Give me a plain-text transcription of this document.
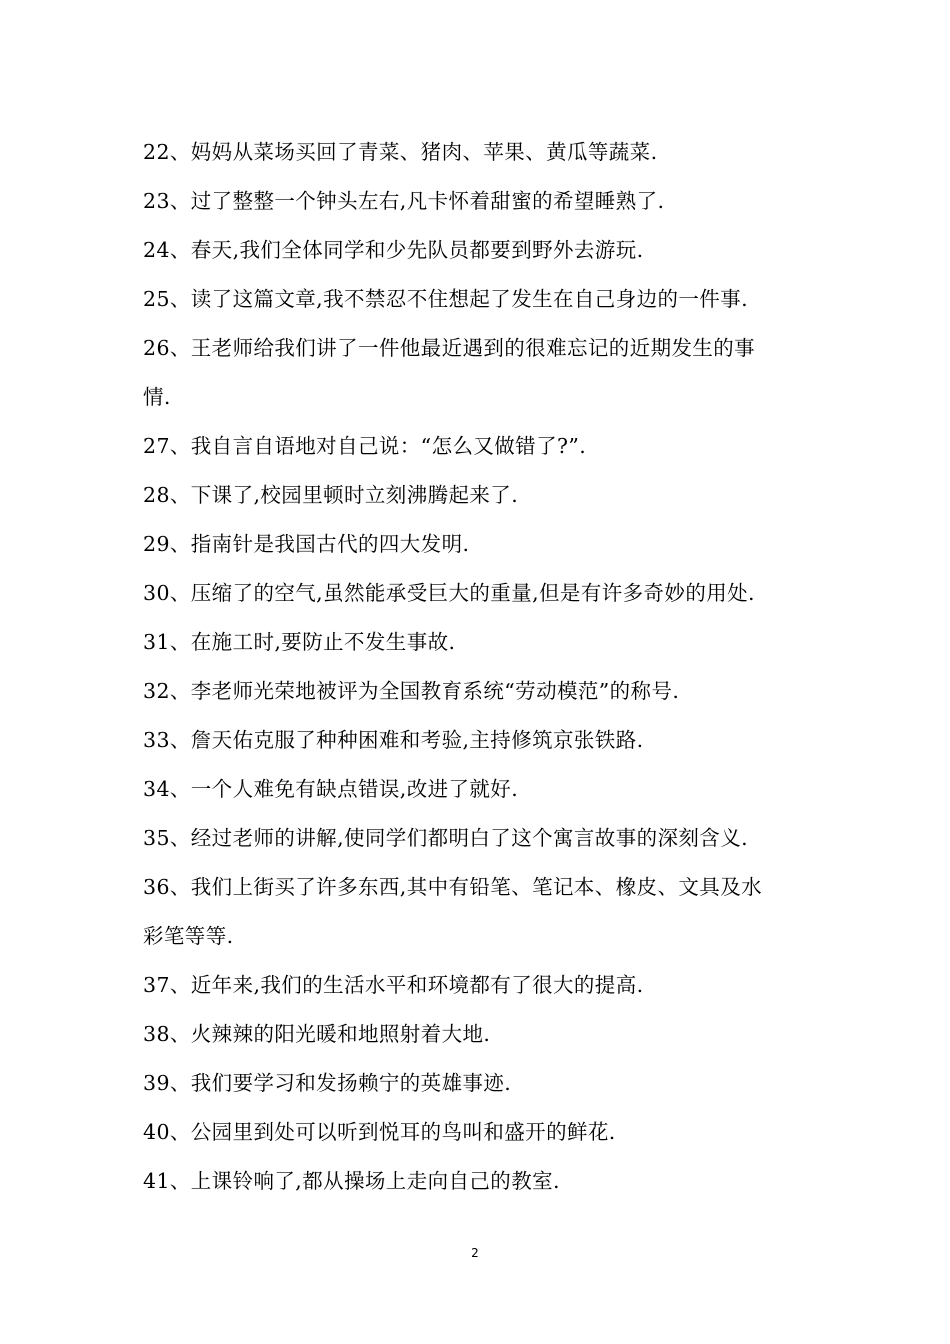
22、妈妈从菜场买回了青菜、猪肉、苹果、黄瓜等蔬菜.
23、过了整整一个钟头左右,凡卡怀着甜蜜的希望睡熟了.
24、春天,我们全体同学和少先队员都要到野外去游玩.
25、读了这篇文章,我不禁忍不住想起了发生在自己身边的一件事.
26、王老师给我们讲了一件他最近遇到的很难忘记的近期发生的事
情.
27、我自言自语地对自己说：“怎么又做错了?”.
28、下课了,校园里顿时立刻沸腾起来了.
29、指南针是我国古代的四大发明.
30、压缩了的空气,虽然能承受巨大的重量,但是有许多奇妙的用处.
31、在施工时,要防止不发生事故.
32、李老师光荣地被评为全国教育系统“劳动模范”的称号.
33、詹天佑克服了种种困难和考验,主持修筑京张铁路.
34、一个人难免有缺点错误,改进了就好.
35、经过老师的讲解,使同学们都明白了这个寓言故事的深刻含义.
36、我们上街买了许多东西,其中有铅笔、笔记本、橡皮、文具及水
彩笔等等.
37、近年来,我们的生活水平和环境都有了很大的提高.
38、火辣辣的阳光暖和地照射着大地.
39、我们要学习和发扬赖宁的英雄事迹.
40、公园里到处可以听到悦耳的鸟叫和盛开的鲜花.
41、上课铃响了,都从操场上走向自己的教室.
2
